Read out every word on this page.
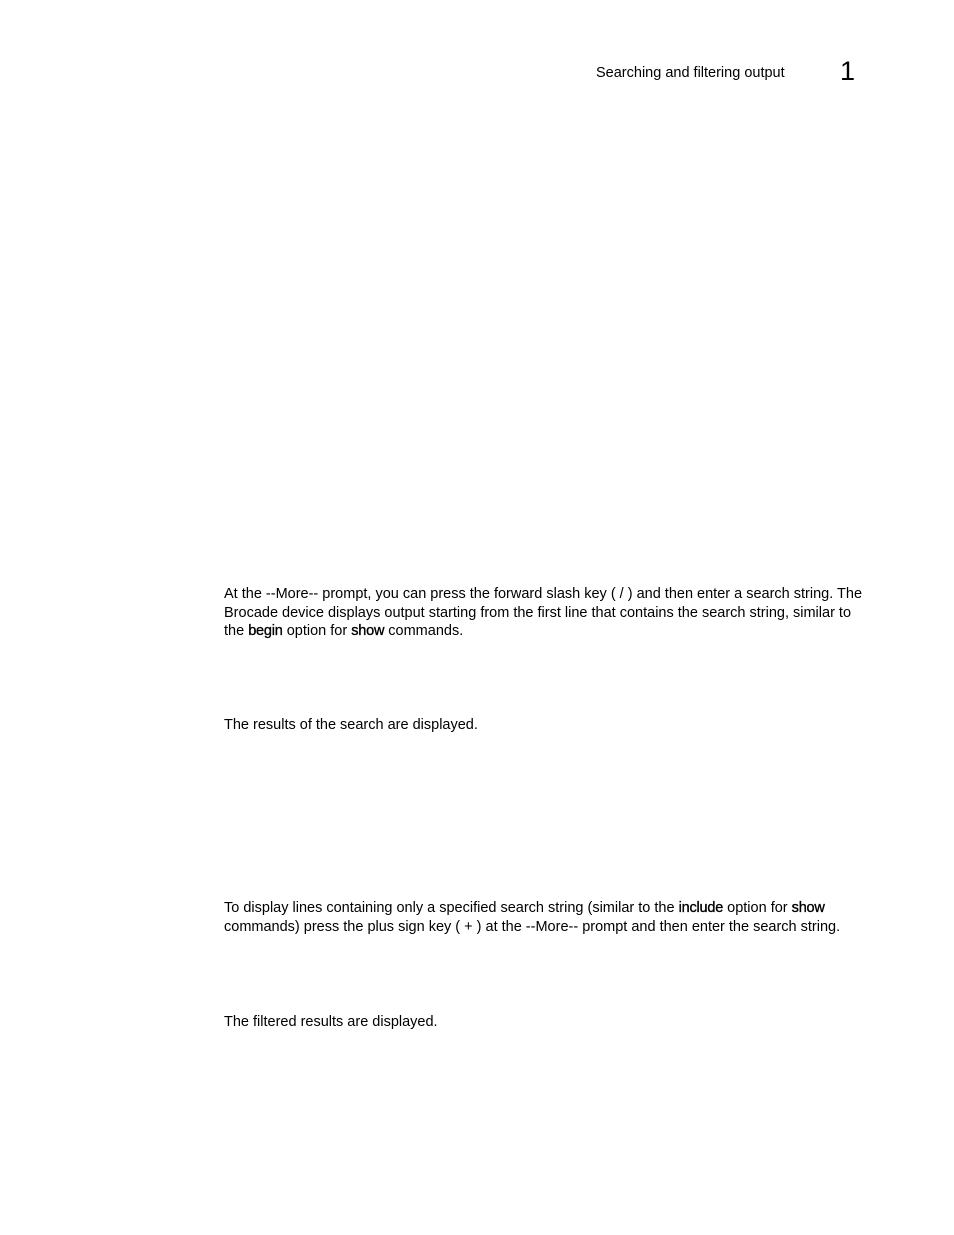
Searching and filtering output 1

At the --More-- prompt, you can press the forward slash key ( / ) and then enter a search string. The Brocade device displays output starting from the first line that contains the search string, similar to the begin option for show commands.

The results of the search are displayed.

To display lines containing only a specified search string (similar to the include option for show commands) press the plus sign key ( + ) at the --More-- prompt and then enter the search string.

The filtered results are displayed.
